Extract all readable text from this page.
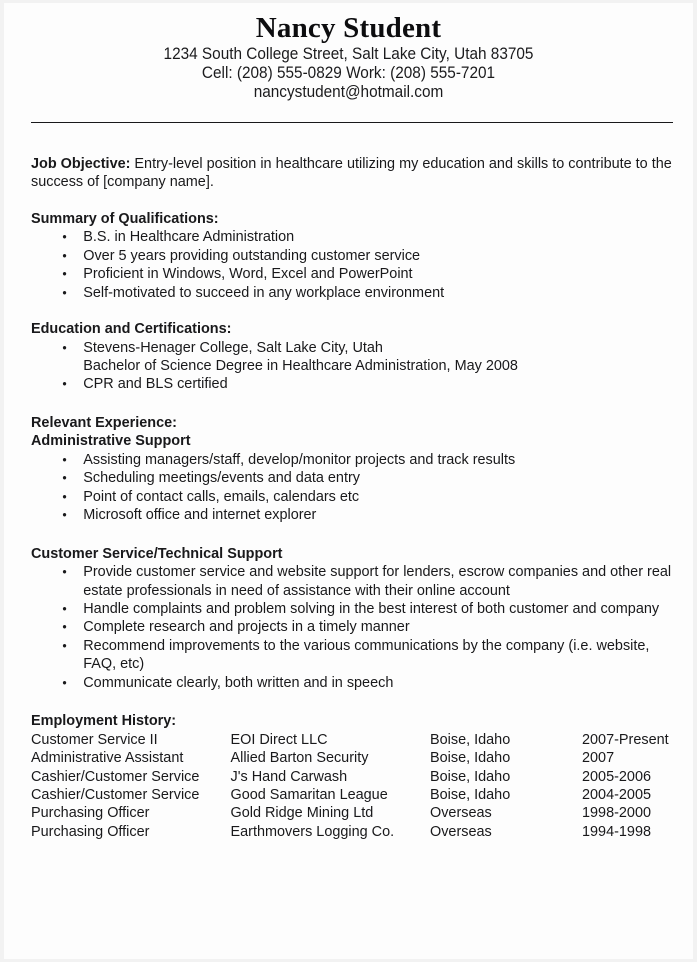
Nancy Student
1234 South College Street, Salt Lake City, Utah 83705
Cell: (208) 555-0829 Work: (208) 555-7201
nancystudent@hotmail.com
Job Objective: Entry-level position in healthcare utilizing my education and skills to contribute to the success of [company name].
Summary of Qualifications:
• B.S. in Healthcare Administration
• Over 5 years providing outstanding customer service
• Proficient in Windows, Word, Excel and PowerPoint
• Self-motivated to succeed in any workplace environment
Education and Certifications:
• Stevens-Henager College, Salt Lake City, Utah
Bachelor of Science Degree in Healthcare Administration, May 2008
• CPR and BLS certified
Relevant Experience:
Administrative Support
• Assisting managers/staff, develop/monitor projects and track results
• Scheduling meetings/events and data entry
• Point of contact calls, emails, calendars etc
• Microsoft office and internet explorer
Customer Service/Technical Support
• Provide customer service and website support for lenders, escrow companies and other real estate professionals in need of assistance with their online account
• Handle complaints and problem solving in the best interest of both customer and company
• Complete research and projects in a timely manner
• Recommend improvements to the various communications by the company (i.e. website, FAQ, etc)
• Communicate clearly, both written and in speech
Employment History:
Customer Service II	EOI Direct LLC	Boise, Idaho	2007-Present
Administrative Assistant	Allied Barton Security	Boise, Idaho	2007
Cashier/Customer Service	J's Hand Carwash	Boise, Idaho	2005-2006
Cashier/Customer Service	Good Samaritan League	Boise, Idaho	2004-2005
Purchasing Officer	Gold Ridge Mining Ltd	Overseas	1998-2000
Purchasing Officer	Earthmovers Logging Co.	Overseas	1994-1998
